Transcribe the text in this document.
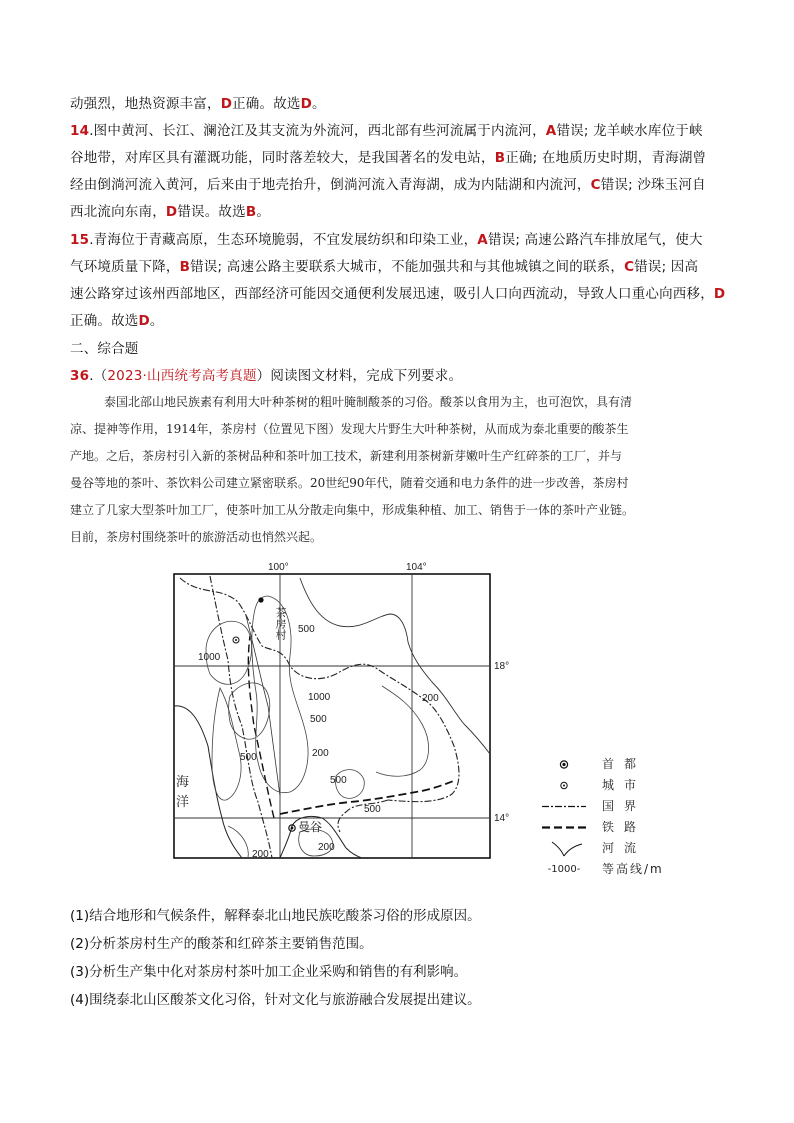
动强烈，地热资源丰富，D正确。故选D。
14.图中黄河、长江、澜沧江及其支流为外流河，西北部有些河流属于内流河，A错误; 龙羊峡水库位于峡
谷地带，对库区具有灌溉功能，同时落差较大，是我国著名的发电站，B正确; 在地质历史时期，青海湖曾
经由倒淌河流入黄河，后来由于地壳抬升，倒淌河流入青海湖，成为内陆湖和内流河，C错误; 沙珠玉河自
西北流向东南，D错误。故选B。
15.青海位于青藏高原，生态环境脆弱，不宜发展纺织和印染工业，A错误; 高速公路汽车排放尾气，使大
气环境质量下降，B错误; 高速公路主要联系大城市，不能加强共和与其他城镇之间的联系，C错误; 因高
速公路穿过该州西部地区，西部经济可能因交通便利发展迅速，吸引人口向西流动，导致人口重心向西移，D
正确。故选D。
二、综合题
36.（2023·山西统考高考真题）阅读图文材料，完成下列要求。
泰国北部山地民族素有利用大叶种茶树的粗叶腌制酸茶的习俗。酸茶以食用为主，也可泡饮，具有清
凉、提神等作用，1914年，茶房村（位置见下图）发现大片野生大叶种茶树，从而成为泰北重要的酸茶生
产地。之后，茶房村引入新的茶树品种和茶叶加工技术，新建利用茶树新芽嫩叶生产红碎茶的工厂，并与
曼谷等地的茶叶、茶饮料公司建立紧密联系。20世纪90年代，随着交通和电力条件的进一步改善，茶房村
建立了几家大型茶叶加工厂，使茶叶加工从分散走向集中，形成集种植、加工、销售于一体的茶叶产业链。
目前，茶房村围绕茶叶的旅游活动也悄然兴起。
100°	104°
18°
14°
茶房村
曼谷
海
洋
500
1000
1000
500
500
200
200
500
500
200
200
首都
城市
国界
铁路
河流
-1000-	等高线/m
(1)结合地形和气候条件，解释泰北山地民族吃酸茶习俗的形成原因。
(2)分析茶房村生产的酸茶和红碎茶主要销售范围。
(3)分析生产集中化对茶房村茶叶加工企业采购和销售的有利影响。
(4)围绕泰北山区酸茶文化习俗，针对文化与旅游融合发展提出建议。
